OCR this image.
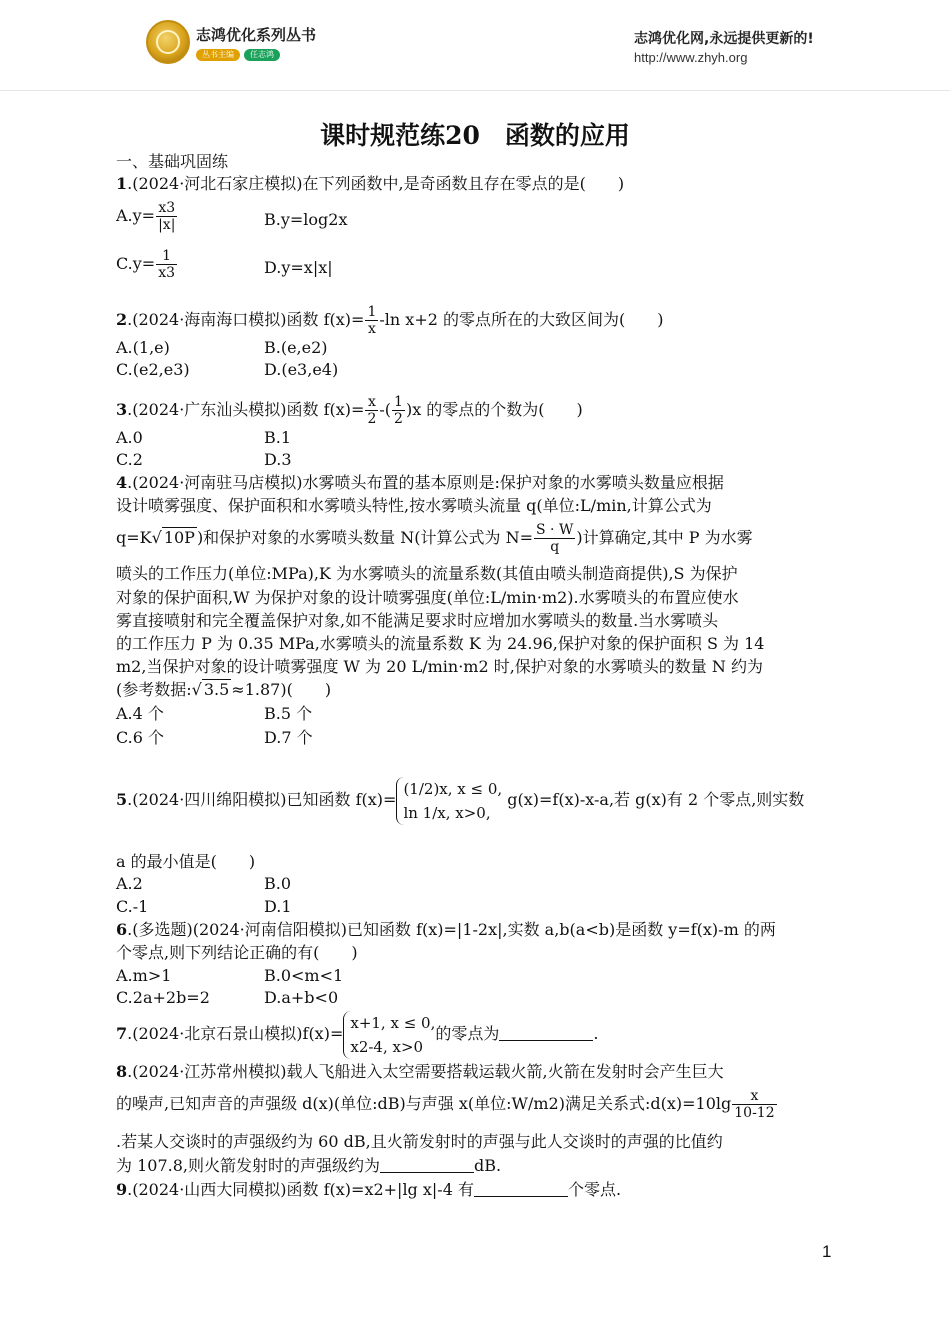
志鸿优化系列丛书
丛书主编	任志鸿
志鸿优化网,永远提供更新的!
http://www.zhyh.org
课时规范练20　函数的应用
一、基础巩固练
1.(2024·河北石家庄模拟)在下列函数中,是奇函数且存在零点的是(　　)
$A.y= \frac{x3}{|x|}$	B.y=log2x
$C.y= \frac{1}{x3}$	D.y=x|x|
2.(2024·海南海口模拟)函数 $f(x)= \frac{1}{x} -\ln$ x+2 的零点所在的大致区间为(　　)
A.(1,e)	B.(e,e2)
C.(e2,e3)	D.(e3,e4)
3.(2024·广东汕头模拟)函数 $f(x)= \frac{x}{2}$ -( $\frac{1}{2} )x$ 的零点的个数为(　　)
A.0	B.1
C.2	D.3
4.(2024·河南驻马店模拟)水雾喷头布置的基本原则是:保护对象的水雾喷头数量应根据
设计喷雾强度、保护面积和水雾喷头特性,按水雾喷头流量 q(单位:L/min,计算公式为
q=K√ 10P )和保护对象的水雾喷头数量 N(计算公式为 $N= \frac{S \cdot W}{q}$ )计算确定,其中 P 为水雾
喷头的工作压力(单位:MPa),K 为水雾喷头的流量系数(其值由喷头制造商提供),S 为保护
对象的保护面积,W 为保护对象的设计喷雾强度(单位:L/min·m2).水雾喷头的布置应使水
雾直接喷射和完全覆盖保护对象,如不能满足要求时应增加水雾喷头的数量.当水雾喷头
的工作压力 P 为 0.35 MPa,水雾喷头的流量系数 K 为 24.96,保护对象的保护面积 S 为 14
m2,当保护对象的设计喷雾强度 W 为 20 L/min·m2 时,保护对象的水雾喷头的数量 N 约为
(参考数据:√ 3.5 ≈1.87)(　　)
A.4 个	B.5 个
C.6 个	D.7 个
5.(2024·四川绵阳模拟)已知函数 f(x)=
(1/2)x, x ≤ 0,
ln 1/x, x>0,
g(x)=f(x)-x-a,若 g(x)有 2 个零点,则实数
a 的最小值是(　　)
A.2	B.0
C.-1	D.1
6.(多选题)(2024·河南信阳模拟)已知函数 f(x)=|1-2x|,实数 a,b(a<b)是函数 y=f(x)-m 的两
个零点,则下列结论正确的有(　　)
A.m>1	B.0<m<1
C.2a+2b=2	D.a+b<0
7.(2024·北京石景山模拟)f(x)=
x+1, x ≤ 0,
x2-4, x>0
的零点为	.
8.(2024·江苏常州模拟)载人飞船进入太空需要搭载运载火箭,火箭在发射时会产生巨大
的噪声,已知声音的声强级 d(x)(单位:dB)与声强 x(单位:W/m2)满足关系式:d(x)=10lg $\frac{x}{10-12}$
.若某人交谈时的声强级约为 60 dB,且火箭发射时的声强与此人交谈时的声强的比值约
为 107.8,则火箭发射时的声强级约为	dB.
9.(2024·山西大同模拟)函数 f(x)=x2+|lg x|-4 有	个零点.
1
